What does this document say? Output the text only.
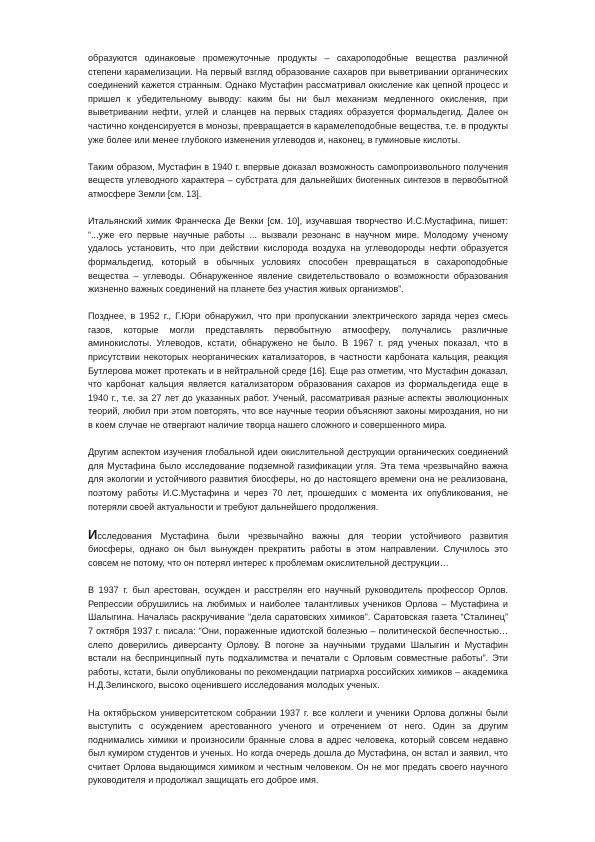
образуются одинаковые промежуточные продукты – сахароподобные вещества различной степени карамелизации. На первый взгляд образование сахаров при выветривании органических соединений кажется странным. Однако Мустафин рассматривал окисление как цепной процесс и пришел к убедительному выводу: каким бы ни был механизм медленного окисления, при выветривании нефти, углей и сланцев на первых стадиях образуется формальдегид. Далее он частично конденсируется в монозы, превращается в карамелеподобные вещества, т.е. в продукты уже более или менее глубокого изменения углеводов и, наконец, в гуминовые кислоты.

Таким образом, Мустафин в 1940 г. впервые доказал возможность самопроизвольного получения веществ углеводного характера – субстрата для дальнейших биогенных синтезов в первобытной атмосфере Земли [см. 13].

Итальянский химик Франческа Де Векки [см. 10], изучавшая творчество И.С.Мустафина, пишет: “...уже его первые научные работы ... вызвали резонанс в научном мире. Молодому ученому удалось установить, что при действии кислорода воздуха на углеводороды нефти образуется формальдегид, который в обычных условиях способен превращаться в сахароподобные вещества – углеводы. Обнаруженное явление свидетельствовало о возможности образования жизненно важных соединений на планете без участия живых организмов”.

Позднее, в 1952 г., Г.Юри обнаружил, что при пропускании электрического заряда через смесь газов, которые могли представлять первобытную атмосферу, получались различные аминокислоты. Углеводов, кстати, обнаружено не было. В 1967 г. ряд ученых показал, что в присутствии некоторых неорганических катализаторов, в частности карбоната кальция, реакция Бутлерова может протекать и в нейтральной среде [16]. Еще раз отметим, что Мустафин доказал, что карбонат кальция является катализатором образования сахаров из формальдегида еще в 1940 г., т.е. за 27 лет до указанных работ. Ученый, рассматривая разные аспекты эволюционных теорий, любил при этом повторять, что все научные теории объясняют законы мироздания, но ни в коем случае не отвергают наличие творца нашего сложного и совершенного мира.

Другим аспектом изучения глобальной идеи окислительной деструкции органических соединений для Мустафина было исследование подземной газификации угля. Эта тема чрезвычайно важна для экологии и устойчивого развития биосферы, но до настоящего времени она не реализована, поэтому работы И.С.Мустафина и через 70 лет, прошедших с момента их опубликования, не потеряли своей актуальности и требуют дальнейшего продолжения.

Исследования Мустафина были чрезвычайно важны для теории устойчивого развития биосферы, однако он был вынужден прекратить работы в этом направлении. Случилось это совсем не потому, что он потерял интерес к проблемам окислительной деструкции…

В 1937 г. был арестован, осужден и расстрелян его научный руководитель профессор Орлов. Репрессии обрушились на любимых и наиболее талантливых учеников Орлова – Мустафина и Шалыгина. Началась раскручивание “дела саратовских химиков”. Саратовская газета “Сталинец” 7 октября 1937 г. писала: “Они, пораженные идиотской болезнью – политической беспечностью… слепо доверились диверсанту Орлову. В погоне за научными трудами Шалыгин и Мустафин встали на беспринципный путь подхалимства и печатали с Орловым совместные работы”. Эти работы, кстати, были опубликованы по рекомендации патриарха российских химиков – академика Н.Д.Зелинского, высоко оценившего исследования молодых ученых.

На октябрьском университетском собрании 1937 г. все коллеги и ученики Орлова должны были выступить с осуждением арестованного ученого и отречением от него. Один за другим поднимались химики и произносили бранные слова в адрес человека, который совсем недавно был кумиром студентов и ученых. Но когда очередь дошла до Мустафина, он встал и заявил, что считает Орлова выдающимся химиком и честным человеком. Он не мог предать своего научного руководителя и продолжал защищать его доброе имя.
